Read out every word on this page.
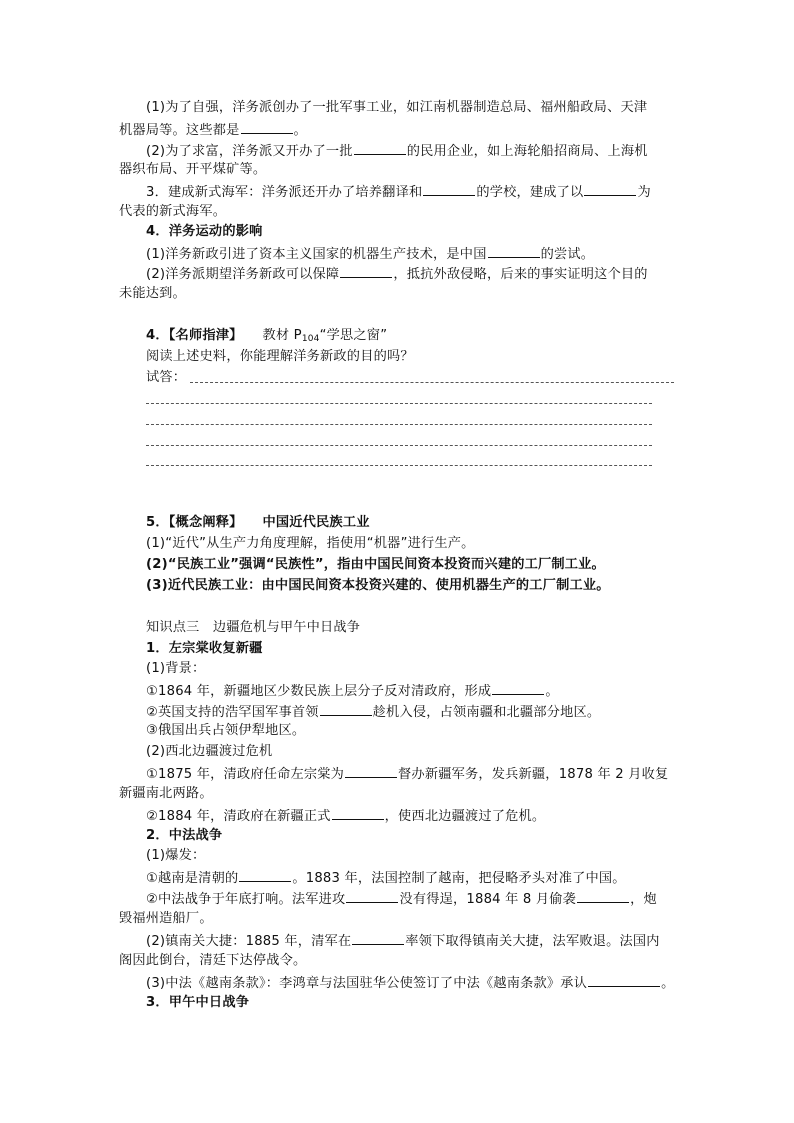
(1)为了自强，洋务派创办了一批军事工业，如江南机器制造总局、福州船政局、天津
机器局等。这些都是	。
(2)为了求富，洋务派又开办了一批	的民用企业，如上海轮船招商局、上海机
器织布局、开平煤矿等。
3．建成新式海军：洋务派还开办了培养翻译和	的学校，建成了以	为
代表的新式海军。
4．洋务运动的影响
(1)洋务新政引进了资本主义国家的机器生产技术，是中国	的尝试。
(2)洋务派期望洋务新政可以保障	，抵抗外敌侵略，后来的事实证明这个目的
未能达到。
4．【名师指津】 教材 $P_{104}“$学思之窗”
阅读上述史料，你能理解洋务新政的目的吗？
试答：
5．【概念阐释】 中国近代民族工业
(1)“近代”从生产力角度理解，指使用“机器”进行生产。
(2)“民族工业”强调“民族性”，指由中国民间资本投资而兴建的工厂制工业。
(3)近代民族工业：由中国民间资本投资兴建的、使用机器生产的工厂制工业。
知识点三　边疆危机与甲午中日战争
1．左宗棠收复新疆
(1)背景：
①1864 年，新疆地区少数民族上层分子反对清政府，形成	。
②英国支持的浩罕国军事首领	趁机入侵，占领南疆和北疆部分地区。
③俄国出兵占领伊犁地区。
(2)西北边疆渡过危机
①1875 年，清政府任命左宗棠为	督办新疆军务，发兵新疆，1878 年 2 月收复
新疆南北两路。
②1884 年，清政府在新疆正式	，使西北边疆渡过了危机。
2．中法战争
(1)爆发：
①越南是清朝的	。1883 年，法国控制了越南，把侵略矛头对准了中国。
②中法战争于年底打响。法军进攻	没有得逞，1884 年 8 月偷袭	，炮
毁福州造船厂。
(2)镇南关大捷：1885 年，清军在	率领下取得镇南关大捷，法军败退。法国内
阁因此倒台，清廷下达停战令。
(3)中法《越南条款》：李鸿章与法国驻华公使签订了中法《越南条款》承认	。
3．甲午中日战争
